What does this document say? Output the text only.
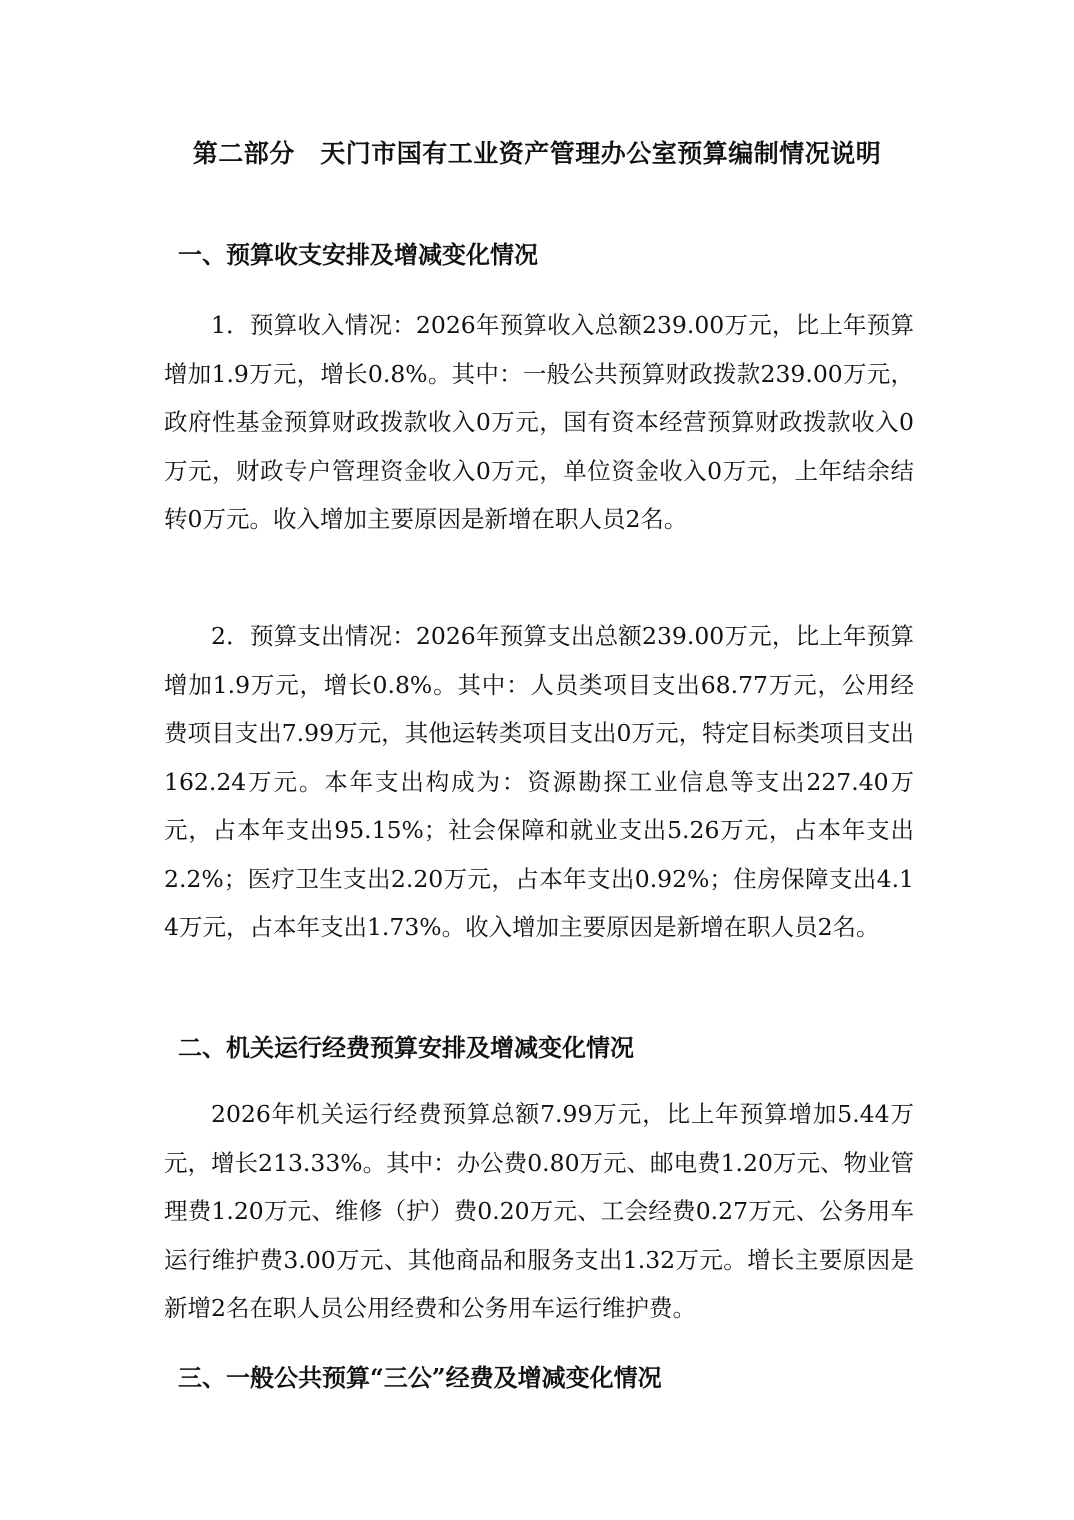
第二部分　天门市国有工业资产管理办公室预算编制情况说明
一、预算收支安排及增减变化情况
1．预算收入情况：2026年预算收入总额239.00万元，比上年预算增加1.9万元，增长0.8%。其中：一般公共预算财政拨款239.00万元，政府性基金预算财政拨款收入0万元，国有资本经营预算财政拨款收入0万元，财政专户管理资金收入0万元，单位资金收入0万元，上年结余结转0万元。收入增加主要原因是新增在职人员2名。
2．预算支出情况：2026年预算支出总额239.00万元，比上年预算增加1.9万元，增长0.8%。其中：人员类项目支出68.77万元，公用经费项目支出7.99万元，其他运转类项目支出0万元，特定目标类项目支出162.24万元。本年支出构成为：资源勘探工业信息等支出227.40万元，占本年支出95.15%；社会保障和就业支出5.26万元，占本年支出2.2%；医疗卫生支出2.20万元，占本年支出0.92%；住房保障支出4.14万元，占本年支出1.73%。收入增加主要原因是新增在职人员2名。
二、机关运行经费预算安排及增减变化情况
2026年机关运行经费预算总额7.99万元，比上年预算增加5.44万元，增长213.33%。其中：办公费0.80万元、邮电费1.20万元、物业管理费1.20万元、维修（护）费0.20万元、工会经费0.27万元、公务用车运行维护费3.00万元、其他商品和服务支出1.32万元。增长主要原因是新增2名在职人员公用经费和公务用车运行维护费。
三、一般公共预算“三公”经费及增减变化情况
